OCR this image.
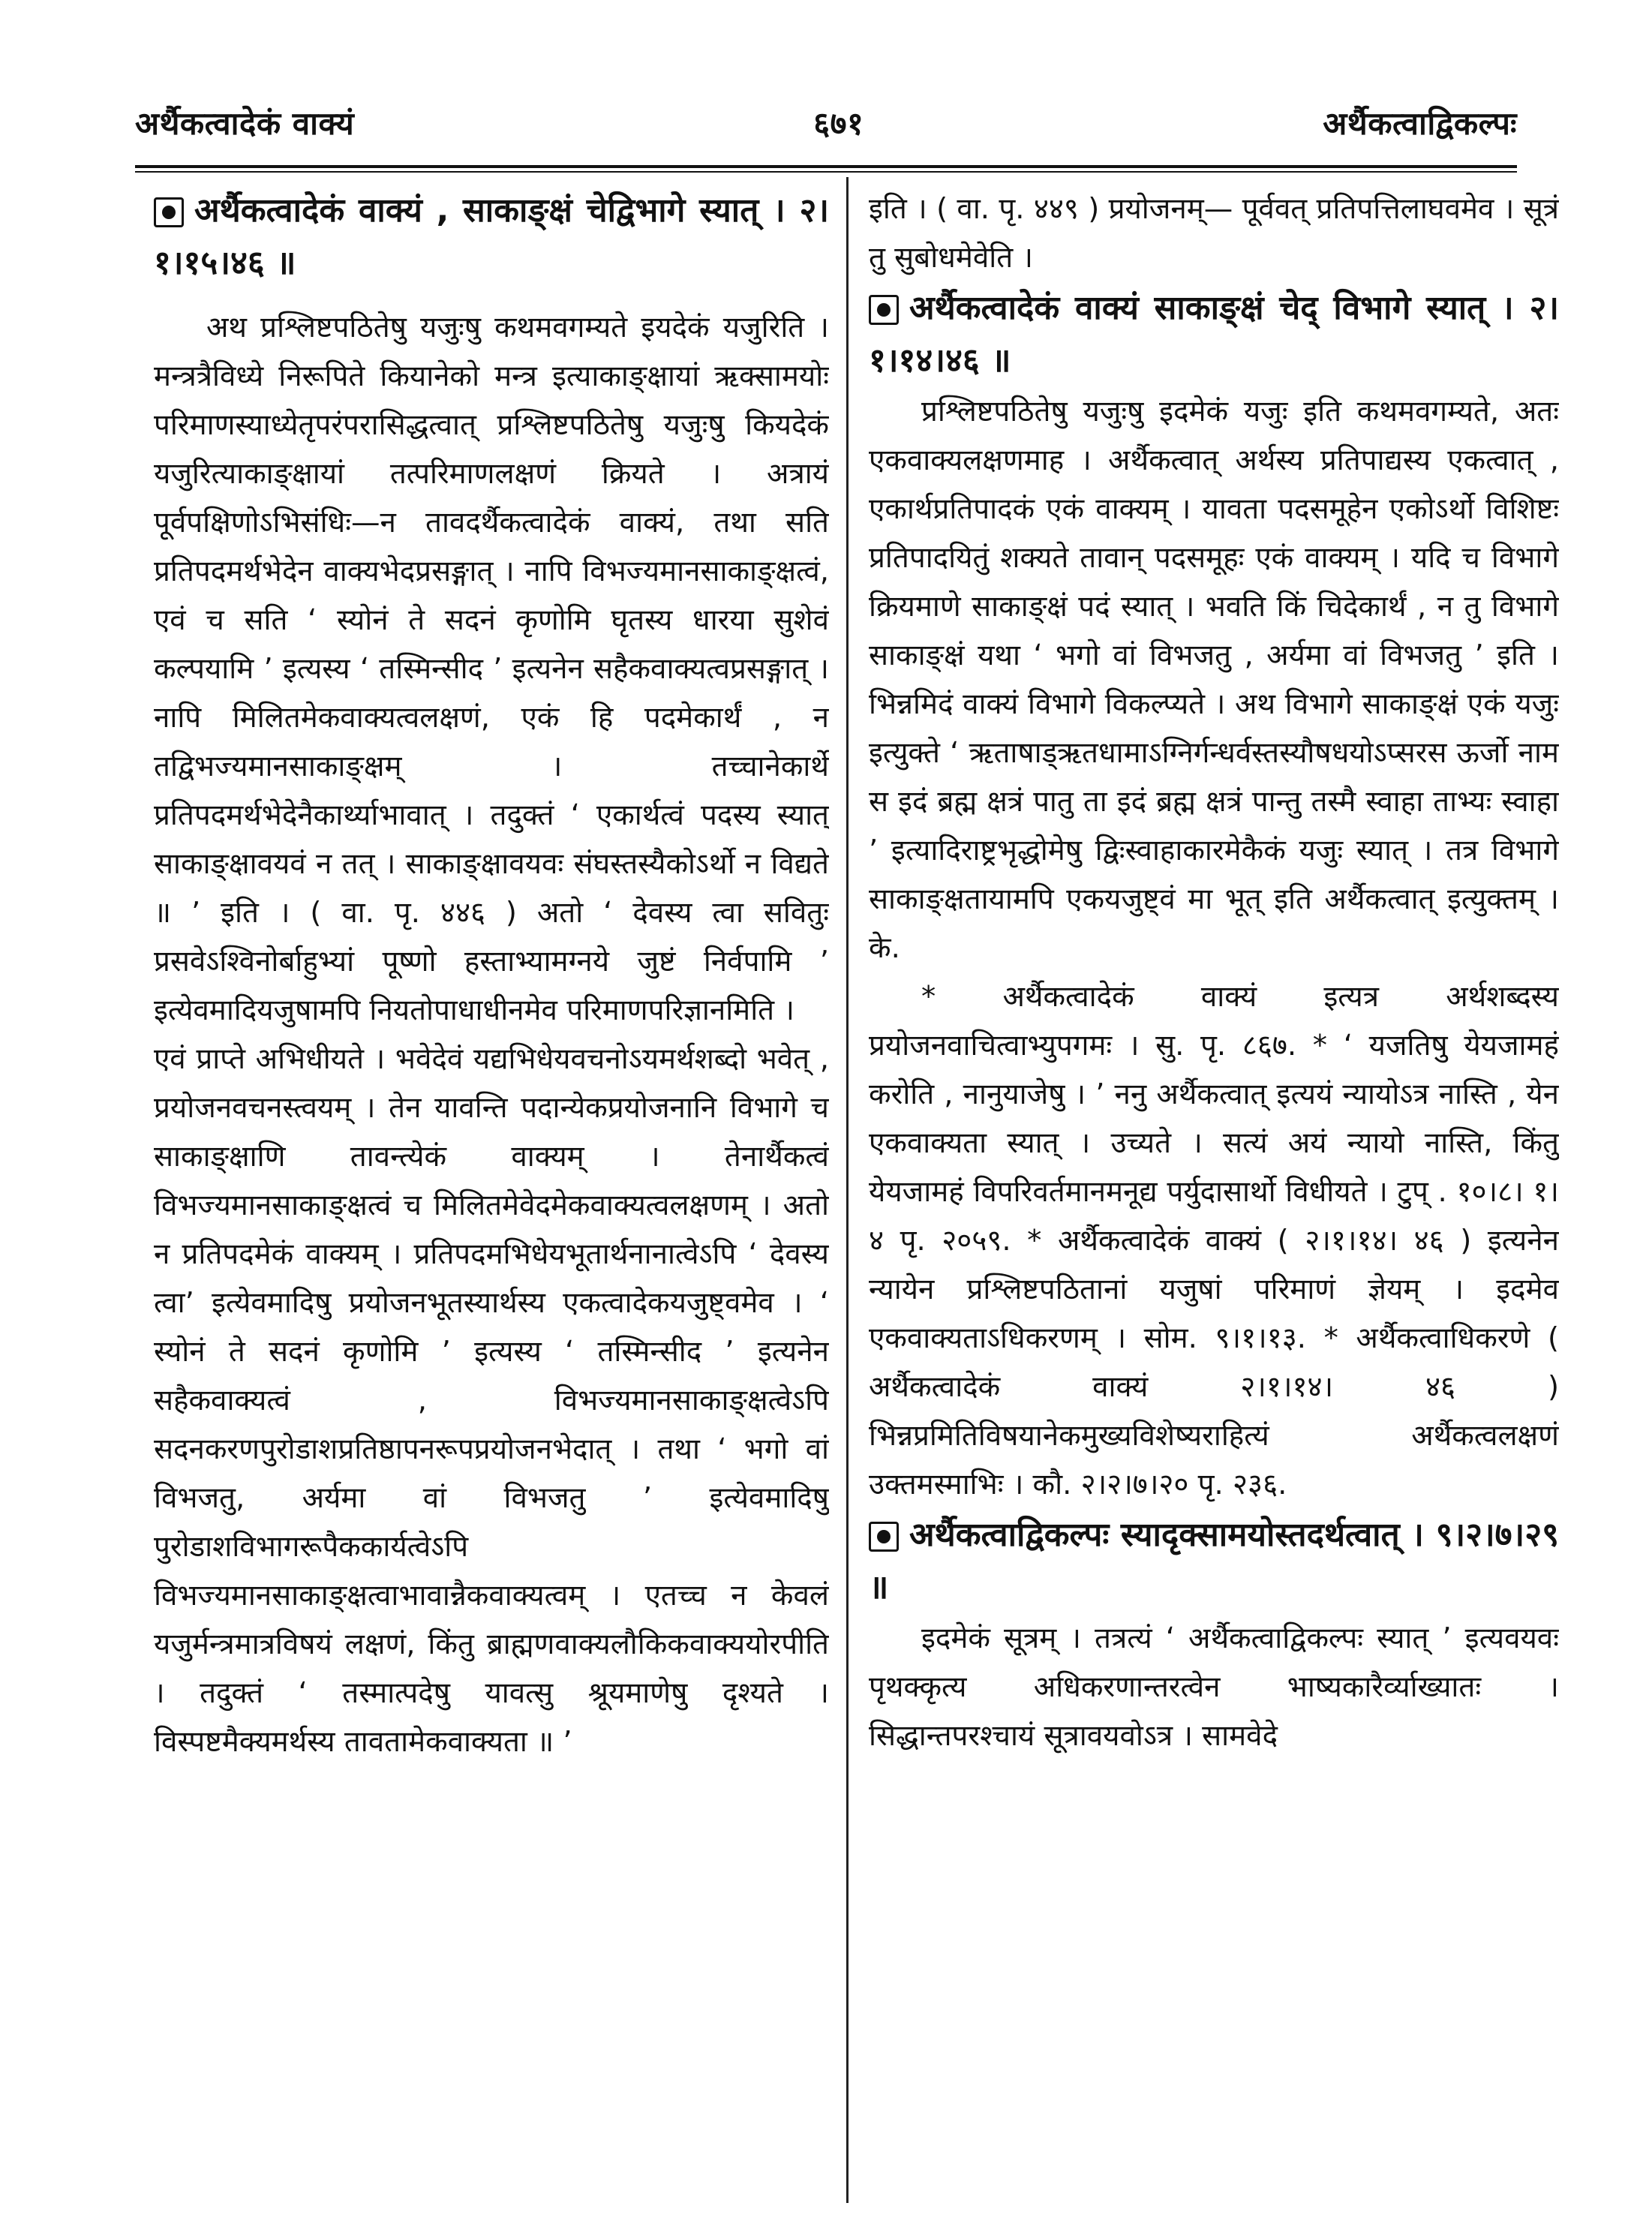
अर्थैकत्वादेकं वाक्यं	६७१	अर्थैकत्वाद्विकल्पः

अर्थैकत्वादेकं वाक्यं , साकाङ्क्षं चेद्विभागे स्यात् । २।१।१५।४६ ॥

अथ प्रश्लिष्टपठितेषु यजुःषु कथमवगम्यते इयदेकं यजुरिति । मन्त्रत्रैविध्ये निरूपिते कियानेको मन्त्र इत्याकाङ्क्षायां ऋक्सामयोः परिमाणस्याध्येतृपरंपरासिद्धत्वात् प्रश्लिष्टपठितेषु यजुःषु कियदेकं यजुरित्याकाङ्क्षायां तत्परिमाणलक्षणं क्रियते । अत्रायं पूर्वपक्षिणोऽभिसंधिः—न तावदर्थैकत्वादेकं वाक्यं, तथा सति प्रतिपदमर्थभेदेन वाक्यभेदप्रसङ्गात् । नापि विभज्यमानसाकाङ्क्षत्वं, एवं च सति ‘ स्योनं ते सदनं कृणोमि घृतस्य धारया सुशेवं कल्पयामि ’ इत्यस्य ‘ तस्मिन्सीद ’ इत्यनेन सहैकवाक्यत्वप्रसङ्गात् । नापि मिलितमेकवाक्यत्वलक्षणं, एकं हि पदमेकार्थं , न तद्विभज्यमानसाकाङ्क्षम् । तच्चानेकार्थे प्रतिपदमर्थभेदेनैकार्थ्याभावात् । तदुक्तं ‘ एकार्थत्वं पदस्य स्यात् साकाङ्क्षावयवं न तत् । साकाङ्क्षावयवः संघस्तस्यैकोऽर्थो न विद्यते ॥ ’ इति । ( वा. पृ. ४४६ ) अतो ‘ देवस्य त्वा सवितुः प्रसवेऽश्विनोर्बाहुभ्यां पूष्णो हस्ताभ्यामग्नये जुष्टं निर्वपामि ’ इत्येवमादियजुषामपि नियतोपाधाधीनमेव परिमाणपरिज्ञानमिति ।

एवं प्राप्ते अभिधीयते । भवेदेवं यद्यभिधेयवचनोऽयमर्थशब्दो भवेत् , प्रयोजनवचनस्त्वयम् । तेन यावन्ति पदान्येकप्रयोजनानि विभागे च साकाङ्क्षाणि तावन्त्येकं वाक्यम् । तेनार्थैकत्वं विभज्यमानसाकाङ्क्षत्वं च मिलितमेवेदमेकवाक्यत्वलक्षणम् । अतो न प्रतिपदमेकं वाक्यम् । प्रतिपदमभिधेयभूतार्थनानात्वेऽपि ‘ देवस्य त्वा’ इत्येवमादिषु प्रयोजनभूतस्यार्थस्य एकत्वादेकयजुष्ट्वमेव । ‘ स्योनं ते सदनं कृणोमि ’ इत्यस्य ‘ तस्मिन्सीद ’ इत्यनेन सहैकवाक्यत्वं , विभज्यमानसाकाङ्क्षत्वेऽपि सदनकरणपुरोडाशप्रतिष्ठापनरूपप्रयोजनभेदात् । तथा ‘ भगो वां विभजतु, अर्यमा वां विभजतु ’ इत्येवमादिषु पुरोडाशविभागरूपैककार्यत्वेऽपि विभज्यमानसाकाङ्क्षत्वाभावान्नैकवाक्यत्वम् । एतच्च न केवलं यजुर्मन्त्रमात्रविषयं लक्षणं, किंतु ब्राह्मणवाक्यलौकिकवाक्ययोरपीति । तदुक्तं ‘ तस्मात्पदेषु यावत्सु श्रूयमाणेषु दृश्यते । विस्पष्टमैक्यमर्थस्य तावतामेकवाक्यता ॥ ’

इति । ( वा. पृ. ४४९ ) प्रयोजनम्— पूर्ववत् प्रतिपत्तिलाघवमेव । सूत्रं तु सुबोधमेवेति ।

अर्थैकत्वादेकं वाक्यं साकाङ्क्षं चेद् विभागे स्यात् । २।१।१४।४६ ॥

प्रश्लिष्टपठितेषु यजुःषु इदमेकं यजुः इति कथमवगम्यते, अतः एकवाक्यलक्षणमाह । अर्थैकत्वात् अर्थस्य प्रतिपाद्यस्य एकत्वात् , एकार्थप्रतिपादकं एकं वाक्यम् । यावता पदसमूहेन एकोऽर्थो विशिष्टः प्रतिपादयितुं शक्यते तावान् पदसमूहः एकं वाक्यम् । यदि च विभागे क्रियमाणे साकाङ्क्षं पदं स्यात् । भवति किं चिदेकार्थं , न तु विभागे साकाङ्क्षं यथा ‘ भगो वां विभजतु , अर्यमा वां विभजतु ’ इति । भिन्नमिदं वाक्यं विभागे विकल्प्यते । अथ विभागे साकाङ्क्षं एकं यजुः इत्युक्ते ‘ ऋताषाड्ऋतधामाऽग्निर्गन्धर्वस्तस्यौषधयोऽप्सरस ऊर्जो नाम स इदं ब्रह्म क्षत्रं पातु ता इदं ब्रह्म क्षत्रं पान्तु तस्मै स्वाहा ताभ्यः स्वाहा ’ इत्यादिराष्ट्रभृद्धोमेषु द्विःस्वाहाकारमेकैकं यजुः स्यात् । तत्र विभागे साकाङ्क्षतायामपि एकयजुष्ट्वं मा भूत् इति अर्थैकत्वात् इत्युक्तम् । के.

* अर्थैकत्वादेकं वाक्यं इत्यत्र अर्थशब्दस्य प्रयोजनवाचित्वाभ्युपगमः । सु. पृ. ८६७. * ‘ यजतिषु येयजामहं करोति , नानुयाजेषु । ’ ननु अर्थैकत्वात् इत्ययं न्यायोऽत्र नास्ति , येन एकवाक्यता स्यात् । उच्यते । सत्यं अयं न्यायो नास्ति, किंतु येयजामहं विपरिवर्तमानमनूद्य पर्युदासार्थो विधीयते । टुप् . १०।८। १।४ पृ. २०५९. * अर्थैकत्वादेकं वाक्यं ( २।१।१४। ४६ ) इत्यनेन न्यायेन प्रश्लिष्टपठितानां यजुषां परिमाणं ज्ञेयम् । इदमेव एकवाक्यताऽधिकरणम् । सोम. ९।१।१३. * अर्थैकत्वाधिकरणे ( अर्थैकत्वादेकं वाक्यं २।१।१४। ४६ ) भिन्नप्रमितिविषयानेकमुख्यविशेष्यराहित्यं अर्थैकत्वलक्षणं उक्तमस्माभिः । कौ. २।२।७।२० पृ. २३६.

अर्थैकत्वाद्विकल्पः स्यादृक्सामयोस्तदर्थत्वात् । ९।२।७।२९ ॥

इदमेकं सूत्रम् । तत्रत्यं ‘ अर्थैकत्वाद्विकल्पः स्यात् ’ इत्यवयवः पृथक्कृत्य अधिकरणान्तरत्वेन भाष्यकारैर्व्याख्यातः । सिद्धान्तपरश्चायं सूत्रावयवोऽत्र । सामवेदे
